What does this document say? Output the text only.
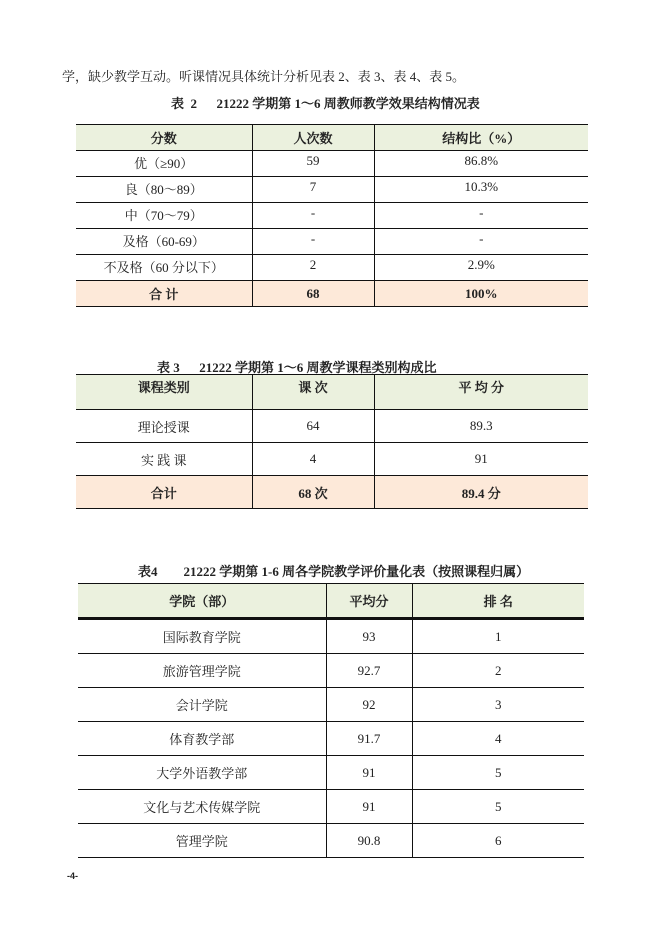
学，缺少教学互动。听课情况具体统计分析见表 2、表 3、表 4、表 5。
表  2      21222 学期第 1～6 周教师教学效果结构情况表
分数	人次数	结构比（%）
优（≥90）	59	86.8%
良（80～89）	7	10.3%
中（70～79）	-	-
及格（60-69）	-	-
不及格（60 分以下）	2	2.9%
合 计	68	100%
表 3      21222 学期第 1～6 周教学课程类别构成比
课程类别	课 次	平 均 分
理论授课	64	89.3
实 践 课	4	91
合计	68 次	89.4 分
表4        21222 学期第 1-6 周各学院教学评价量化表（按照课程归属）
学院（部）	平均分	排 名
国际教育学院	93	1
旅游管理学院	92.7	2
会计学院	92	3
体育教学部	91.7	4
大学外语教学部	91	5
文化与艺术传媒学院	91	5
管理学院	90.8	6
-4-
